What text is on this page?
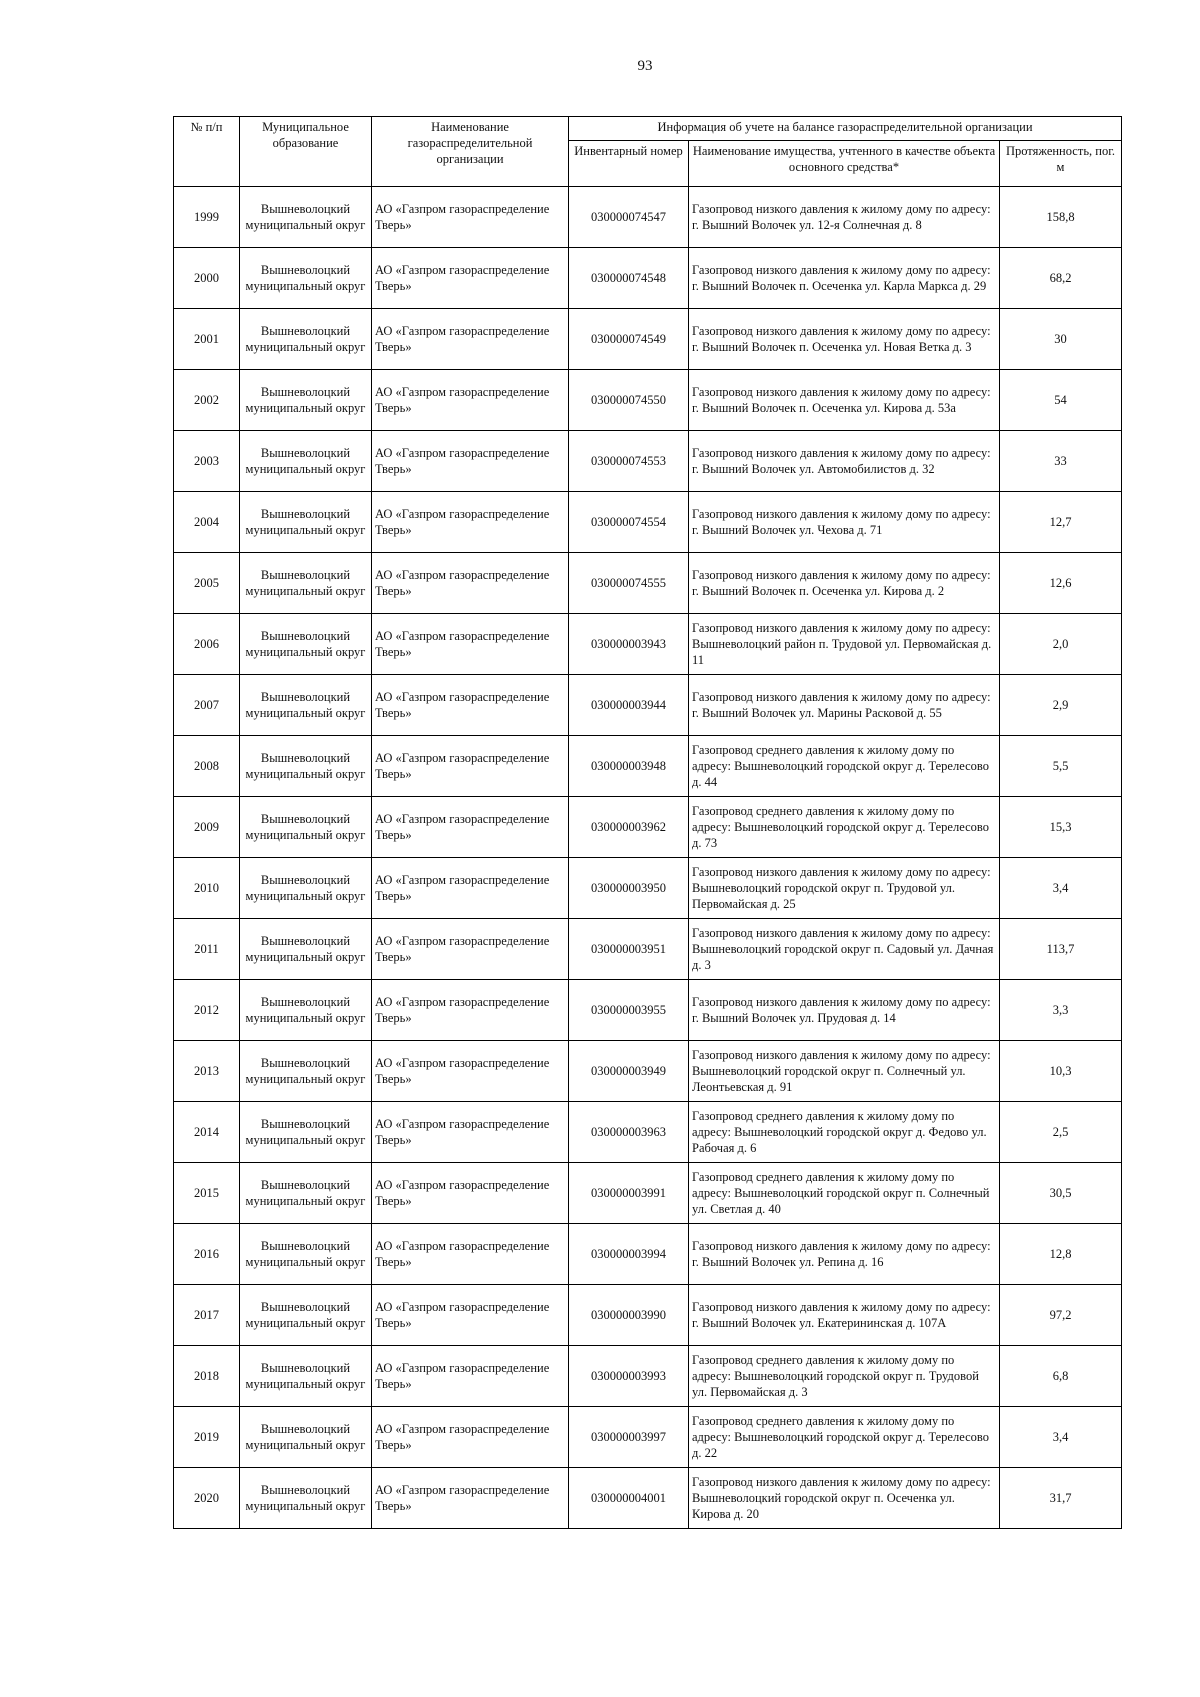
93
№ п/п	Муниципальное образование	Наименование газораспределительной организации	Информация об учете на балансе газораспределительной организации		
			Инвентарный номер	Наименование имущества, учтенного в качестве объекта основного средства*	Протяженность, пог. м
1999	Вышневолоцкий муниципальный округ	АО «Газпром газораспределение Тверь»	030000074547	Газопровод низкого давления к жилому дому по адресу: г. Вышний Волочек ул. 12-я Солнечная д. 8	158,8
2000	Вышневолоцкий муниципальный округ	АО «Газпром газораспределение Тверь»	030000074548	Газопровод низкого давления к жилому дому по адресу: г. Вышний Волочек п. Осеченка ул. Карла Маркса д. 29	68,2
2001	Вышневолоцкий муниципальный округ	АО «Газпром газораспределение Тверь»	030000074549	Газопровод низкого давления к жилому дому по адресу: г. Вышний Волочек п. Осеченка ул. Новая Ветка д. 3	30
2002	Вышневолоцкий муниципальный округ	АО «Газпром газораспределение Тверь»	030000074550	Газопровод низкого давления к жилому дому по адресу: г. Вышний Волочек п. Осеченка ул. Кирова д. 53а	54
2003	Вышневолоцкий муниципальный округ	АО «Газпром газораспределение Тверь»	030000074553	Газопровод низкого давления к жилому дому по адресу: г. Вышний Волочек ул. Автомобилистов д. 32	33
2004	Вышневолоцкий муниципальный округ	АО «Газпром газораспределение Тверь»	030000074554	Газопровод низкого давления к жилому дому по адресу: г. Вышний Волочек ул. Чехова д. 71	12,7
2005	Вышневолоцкий муниципальный округ	АО «Газпром газораспределение Тверь»	030000074555	Газопровод низкого давления к жилому дому по адресу: г. Вышний Волочек п. Осеченка ул. Кирова д. 2	12,6
2006	Вышневолоцкий муниципальный округ	АО «Газпром газораспределение Тверь»	030000003943	Газопровод низкого давления к жилому дому по адресу: Вышневолоцкий район п. Трудовой ул. Первомайская д. 11	2,0
2007	Вышневолоцкий муниципальный округ	АО «Газпром газораспределение Тверь»	030000003944	Газопровод низкого давления к жилому дому по адресу: г. Вышний Волочек ул. Марины Расковой д. 55	2,9
2008	Вышневолоцкий муниципальный округ	АО «Газпром газораспределение Тверь»	030000003948	Газопровод среднего давления к жилому дому по адресу: Вышневолоцкий городской округ д. Терелесово д. 44	5,5
2009	Вышневолоцкий муниципальный округ	АО «Газпром газораспределение Тверь»	030000003962	Газопровод среднего давления к жилому дому по адресу: Вышневолоцкий городской округ д. Терелесово д. 73	15,3
2010	Вышневолоцкий муниципальный округ	АО «Газпром газораспределение Тверь»	030000003950	Газопровод низкого давления к жилому дому по адресу: Вышневолоцкий городской округ п. Трудовой ул. Первомайская д. 25	3,4
2011	Вышневолоцкий муниципальный округ	АО «Газпром газораспределение Тверь»	030000003951	Газопровод низкого давления к жилому дому по адресу: Вышневолоцкий городской округ п. Садовый ул. Дачная д. 3	113,7
2012	Вышневолоцкий муниципальный округ	АО «Газпром газораспределение Тверь»	030000003955	Газопровод низкого давления к жилому дому по адресу: г. Вышний Волочек ул. Прудовая д. 14	3,3
2013	Вышневолоцкий муниципальный округ	АО «Газпром газораспределение Тверь»	030000003949	Газопровод низкого давления к жилому дому по адресу: Вышневолоцкий городской округ п. Солнечный ул. Леонтьевская д. 91	10,3
2014	Вышневолоцкий муниципальный округ	АО «Газпром газораспределение Тверь»	030000003963	Газопровод среднего давления к жилому дому по адресу: Вышневолоцкий городской округ д. Федово ул. Рабочая д. 6	2,5
2015	Вышневолоцкий муниципальный округ	АО «Газпром газораспределение Тверь»	030000003991	Газопровод среднего давления к жилому дому по адресу: Вышневолоцкий городской округ п. Солнечный ул. Светлая д. 40	30,5
2016	Вышневолоцкий муниципальный округ	АО «Газпром газораспределение Тверь»	030000003994	Газопровод низкого давления к жилому дому по адресу: г. Вышний Волочек ул. Репина д. 16	12,8
2017	Вышневолоцкий муниципальный округ	АО «Газпром газораспределение Тверь»	030000003990	Газопровод низкого давления к жилому дому по адресу: г. Вышний Волочек ул. Екатерининская д. 107А	97,2
2018	Вышневолоцкий муниципальный округ	АО «Газпром газораспределение Тверь»	030000003993	Газопровод среднего давления к жилому дому по адресу: Вышневолоцкий городской округ п. Трудовой ул. Первомайская д. 3	6,8
2019	Вышневолоцкий муниципальный округ	АО «Газпром газораспределение Тверь»	030000003997	Газопровод среднего давления к жилому дому по адресу: Вышневолоцкий городской округ д. Терелесово д. 22	3,4
2020	Вышневолоцкий муниципальный округ	АО «Газпром газораспределение Тверь»	030000004001	Газопровод низкого давления к жилому дому по адресу: Вышневолоцкий городской округ п. Осеченка ул. Кирова д. 20	31,7
